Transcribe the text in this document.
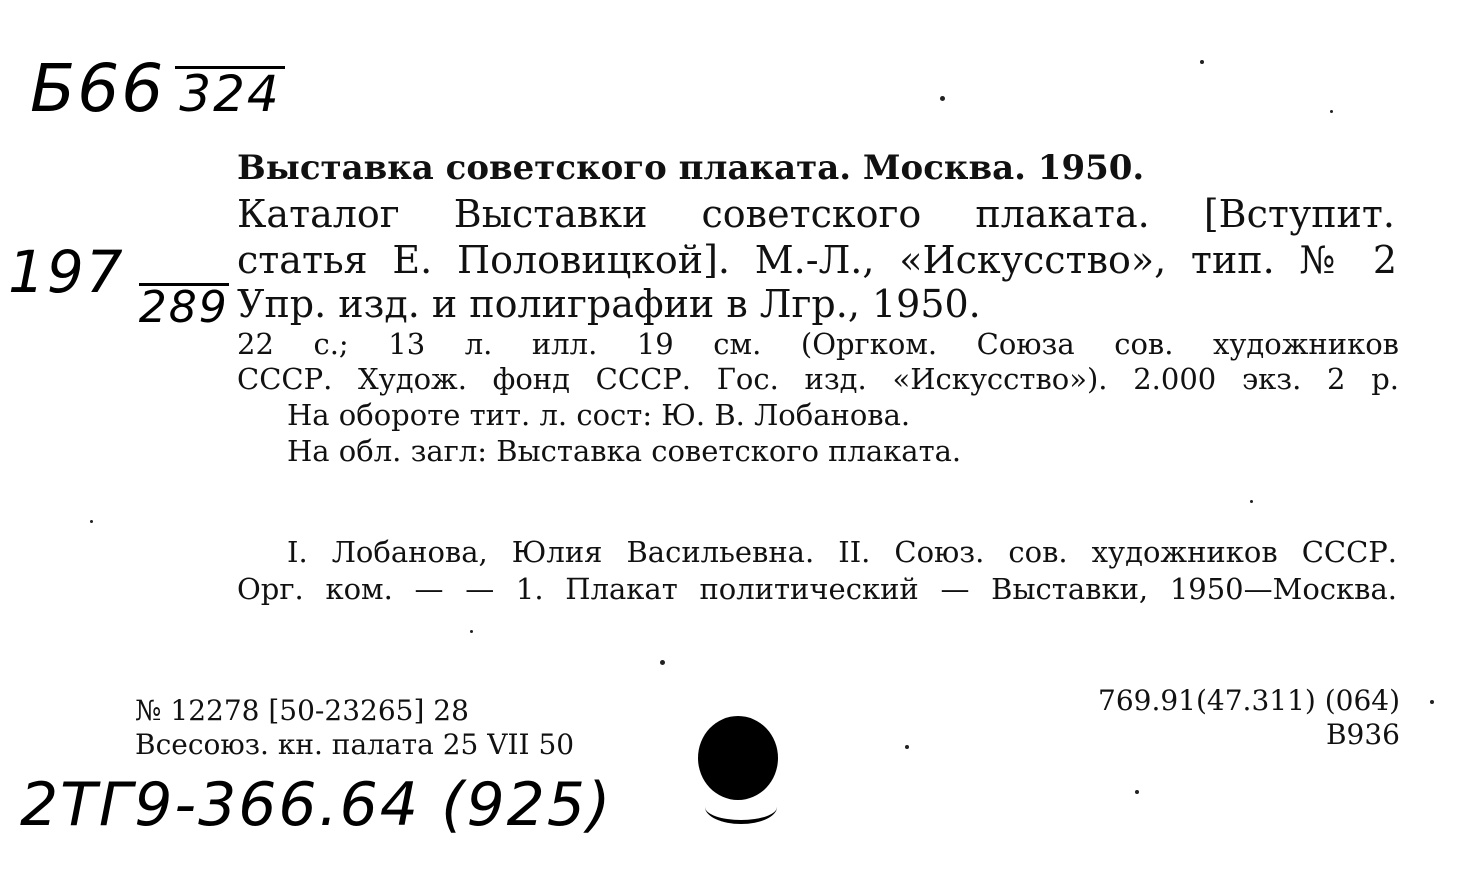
Б66 324
197289
Выставка советского плаката. Москва. 1950.
Каталог Выставки советского плаката. [Вступит.
статья Е. Половицкой]. М.-Л., «Искусство», тип. № 2
Упр. изд. и полиграфии в Лгр., 1950.
22 с.; 13 л. илл. 19 см. (Оргком. Союза сов. художников
СССР. Худож. фонд СССР. Гос. изд. «Искусство»). 2.000 экз. 2 р.
На обороте тит. л. сост: Ю. В. Лобанова.
На обл. загл: Выставка советского плаката.
I. Лобанова, Юлия Васильевна. II. Союз. сов. художников СССР.
Орг. ком. — — 1. Плакат политический — Выставки, 1950—Москва.
№ 12278 [50-23265] 28
Всесоюз. кн. палата 25 VII 50
769.91(47.311) (064)
В936
2ТГ9-366.64 (925)
